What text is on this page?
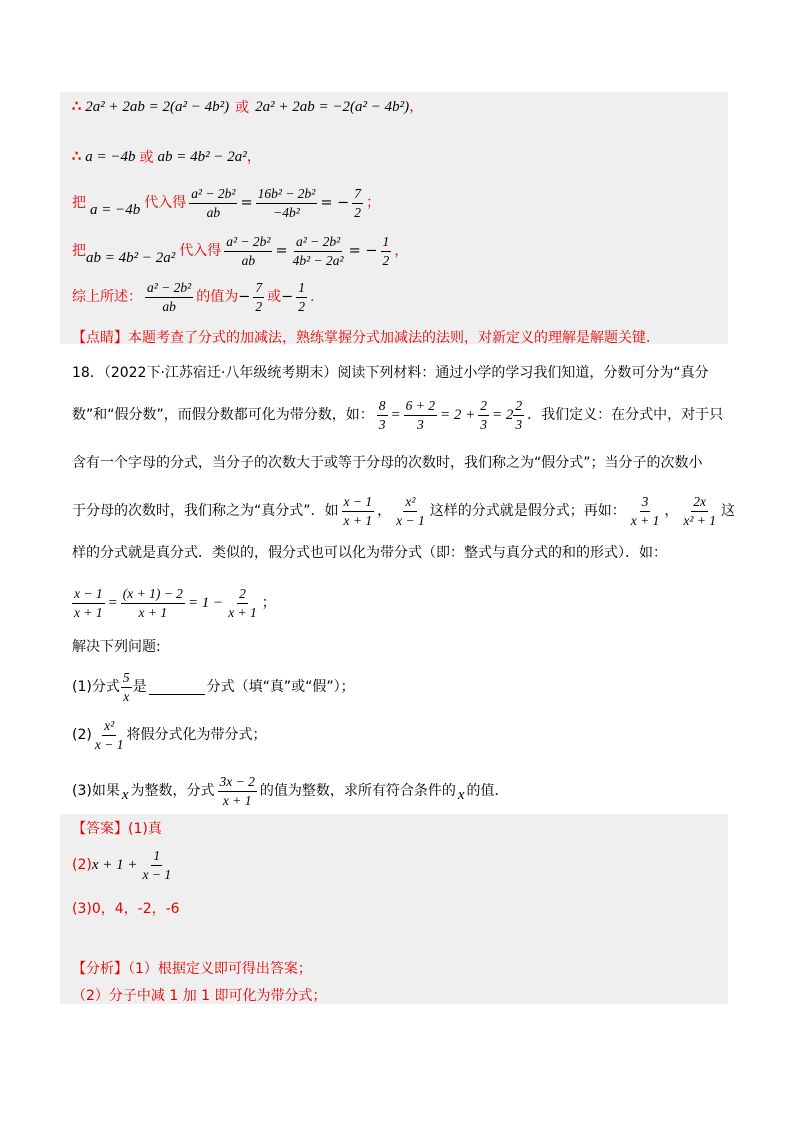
∴ 2a² + 2ab = 2(a² − 4b²) 或 2a² + 2ab = −2(a² − 4b²) ，
∴ a = −4b 或 ab = 4b² − 2a² ，
把 a = −4b 代入得 $\frac{\text{a² − 2b²}}{ab} = \frac{\text{16b² − 2b²}}{\text{−4b²}}$ = − $\frac{7}{2}$ ；
把 ab = 4b² − 2a² 代入得 $\frac{\text{a² − 2b²}}{ab} = \frac{\text{a² − 2b²}}{\text{4b² − 2a²}}$ = − $\frac{1}{2}$ ，
综上所述： $\frac{\text{a² − 2b²}}{ab}$ 的值为 − $\frac{7}{2}$ 或 − $\frac{1}{2}$ ．
【点睛】本题考查了分式的加减法，熟练掌握分式加减法的法则，对新定义的理解是解题关键．
18．（2022下·江苏宿迁·八年级统考期末）阅读下列材料：通过小学的学习我们知道，分数可分为“真分
数”和“假分数”，而假分数都可化为带分数，如： $\frac{8}{3} = \frac{6 + 2}{3} = 2 + \frac{2}{3} = 2 \frac{2}{3}$ ．我们定义：在分式中，对于只
含有一个字母的分式，当分子的次数大于或等于分母的次数时，我们称之为“假分式”；当分子的次数小
于分母的次数时，我们称之为“真分式”．如 $\frac{x - 1}{x + 1}$ ， $\frac{\text{x²}}{x - 1}$ 这样的分式就是假分式；再如： $\frac{3}{x + 1}$ ， $\frac{2x}{\text{x² + 1}}$ 这
样的分式就是真分式．类似的，假分式也可以化为带分式（即：整式与真分式的和的形式）．如：
$\frac{x - 1}{x + 1} = \frac{(x + 1) - 2}{x + 1} = 1 - \frac{2}{x + 1}$ ；
解决下列问题:
(1)分式 $\frac{5}{x}$ 是	分式（填“真”或“假”）；
$(2) \frac{\text{x²}}{x - 1}$ 将假分式化为带分式；
(3)如果 x 为整数，分式 $\frac{3x - 2}{x + 1}$ 的值为整数，求所有符合条件的 x 的值．
【答案】 (1)真
(2) $x + 1 + \frac{1}{x - 1}$
(3)0，4，-2，-6
【分析】（1）根据定义即可得出答案；
（2）分子中减 1 加 1 即可化为带分式；
